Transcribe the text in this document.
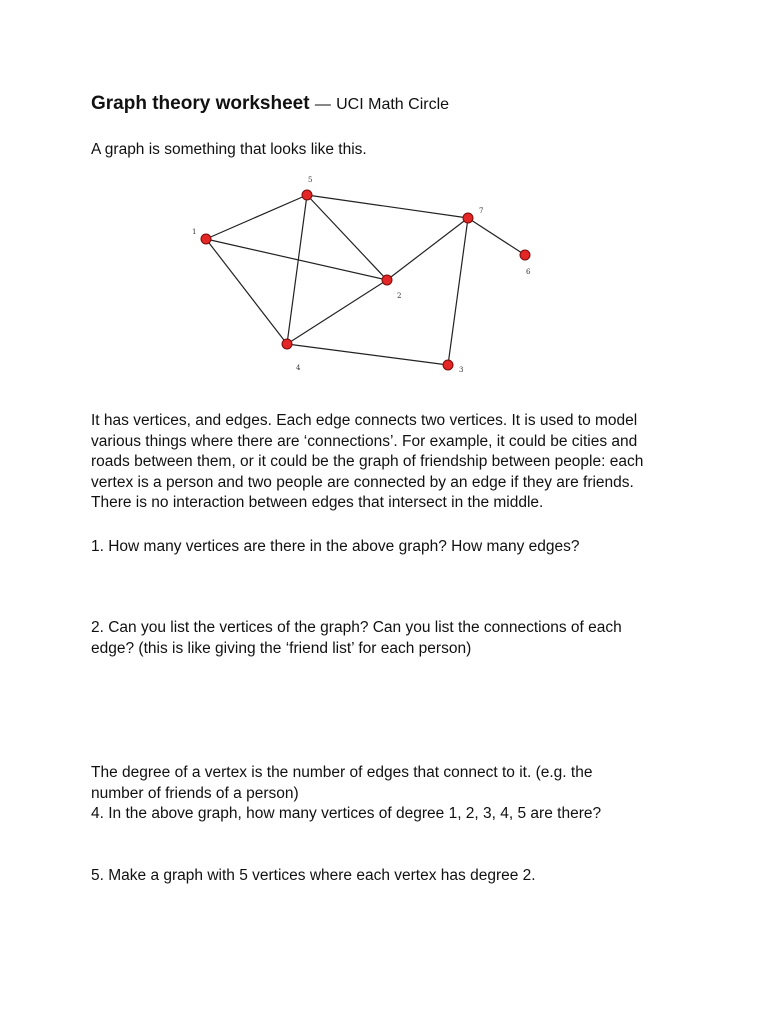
Graph theory worksheet — UCI Math Circle
A graph is something that looks like this.
1
2
3
4
5
6
7
It has vertices, and edges. Each edge connects two vertices. It is used to model
various things where there are ‘connections’. For example, it could be cities and
roads between them, or it could be the graph of friendship between people: each
vertex is a person and two people are connected by an edge if they are friends.
There is no interaction between edges that intersect in the middle.
1. How many vertices are there in the above graph? How many edges?
2. Can you list the vertices of the graph? Can you list the connections of each
edge? (this is like giving the ‘friend list’ for each person)
The degree of a vertex is the number of edges that connect to it. (e.g. the
number of friends of a person)
4. In the above graph, how many vertices of degree 1, 2, 3, 4, 5 are there?
5. Make a graph with 5 vertices where each vertex has degree 2.
